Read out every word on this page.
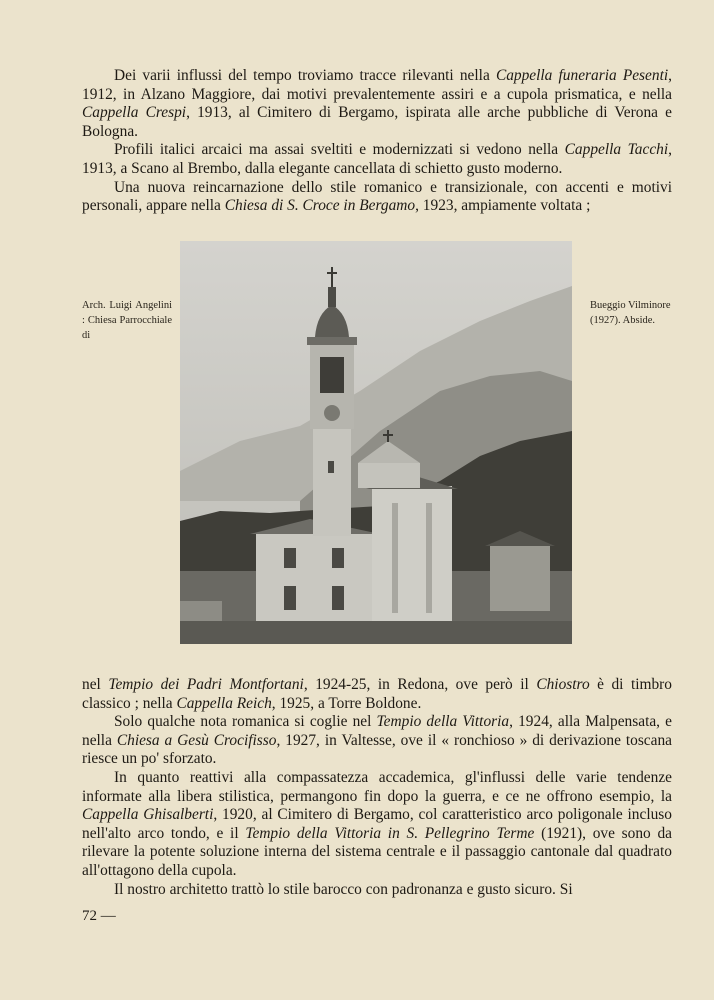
Dei varii influssi del tempo troviamo tracce rilevanti nella Cappella funeraria Pesenti, 1912, in Alzano Maggiore, dai motivi prevalentemente assiri e a cupola prismatica, e nella Cappella Crespi, 1913, al Cimitero di Bergamo, ispirata alle arche pubbliche di Verona e Bologna.

Profili italici arcaici ma assai sveltiti e modernizzati si vedono nella Cappella Tacchi, 1913, a Scano al Brembo, dalla elegante cancellata di schietto gusto moderno.

Una nuova reincarnazione dello stile romanico e transizionale, con accenti e motivi personali, appare nella Chiesa di S. Croce in Bergamo, 1923, ampiamente voltata ;

Arch. Luigi Angelini : Chiesa Parrocchiale di
Bueggio Vilminore (1927). Abside.

nel Tempio dei Padri Montfortani, 1924-25, in Redona, ove però il Chiostro è di timbro classico ; nella Cappella Reich, 1925, a Torre Boldone.

Solo qualche nota romanica si coglie nel Tempio della Vittoria, 1924, alla Malpensata, e nella Chiesa a Gesù Crocifisso, 1927, in Valtesse, ove il « ronchioso » di derivazione toscana riesce un po' sforzato.

In quanto reattivi alla compassatezza accademica, gl'influssi delle varie tendenze informate alla libera stilistica, permangono fin dopo la guerra, e ce ne offrono esempio, la Cappella Ghisalberti, 1920, al Cimitero di Bergamo, col caratteristico arco poligonale incluso nell'alto arco tondo, e il Tempio della Vittoria in S. Pellegrino Terme (1921), ove sono da rilevare la potente soluzione interna del sistema centrale e il passaggio cantonale dal quadrato all'ottagono della cupola.

Il nostro architetto trattò lo stile barocco con padronanza e gusto sicuro. Si

72 —
